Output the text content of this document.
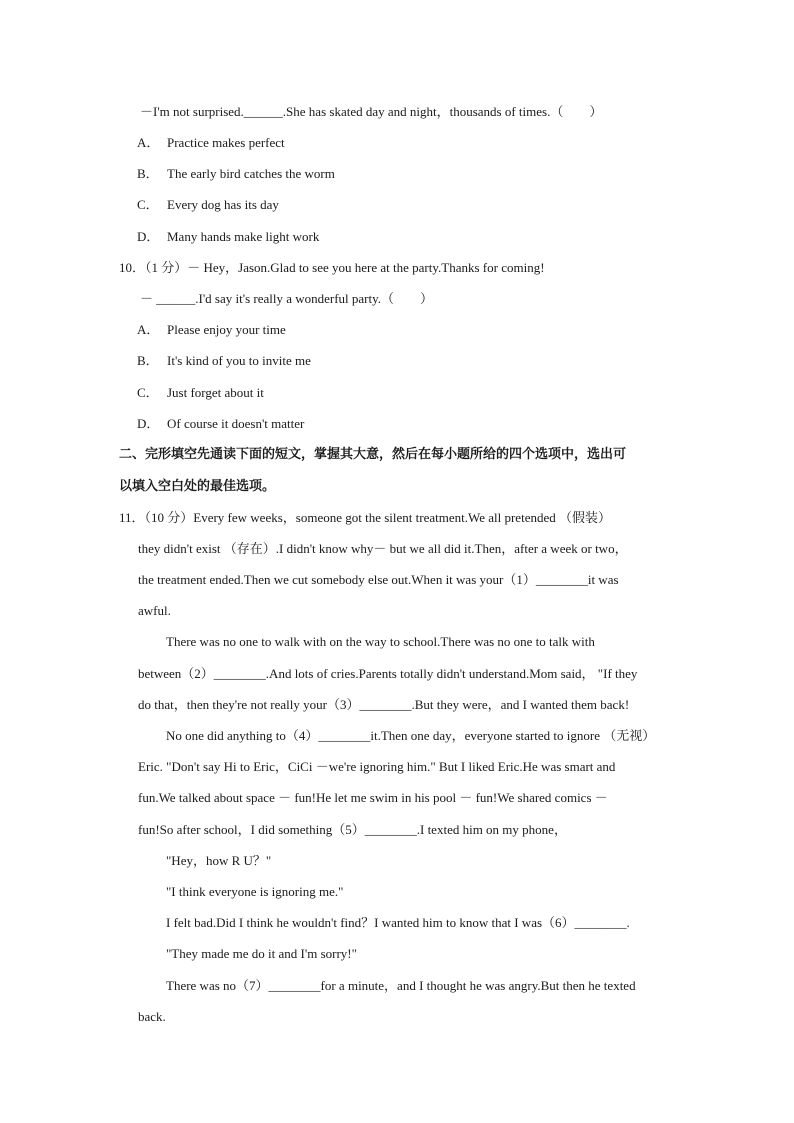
－I'm not surprised.______.She has skated day and night，thousands of times.（　　）
A． Practice makes perfect
B． The early bird catches the worm
C． Every dog has its day
D． Many hands make light work
10．（1 分）－ Hey，Jason.Glad to see you here at the party.Thanks for coming!
－ ______.I'd say it's really a wonderful party.（　　）
A． Please enjoy your time
B． It's kind of you to invite me
C． Just forget about it
D． Of course it doesn't matter
二、完形填空先通读下面的短文，掌握其大意，然后在每小题所给的四个选项中，选出可
以填入空白处的最佳选项。
11．（10 分）Every few weeks，someone got the silent treatment.We all pretended （假装）
they didn't exist （存在）.I didn't know why－ but we all did it.Then，after a week or two，
the treatment ended.Then we cut somebody else out.When it was your（1）________it was
awful.
There was no one to walk with on the way to school.There was no one to talk with
between（2）________.And lots of cries.Parents totally didn't understand.Mom said， "If they
do that，then they're not really your（3）________.But they were，and I wanted them back!
No one did anything to（4）________it.Then one day，everyone started to ignore （无视）
Eric. "Don't say Hi to Eric，CiCi －we're ignoring him." But I liked Eric.He was smart and
fun.We talked about space － fun!He let me swim in his pool － fun!We shared comics －
fun!So after school，I did something（5）________.I texted him on my phone，
"Hey，how R U？"
"I think everyone is ignoring me."
I felt bad.Did I think he wouldn't find？I wanted him to know that I was（6）________.
"They made me do it and I'm sorry!"
There was no（7）________for a minute，and I thought he was angry.But then he texted
back.
